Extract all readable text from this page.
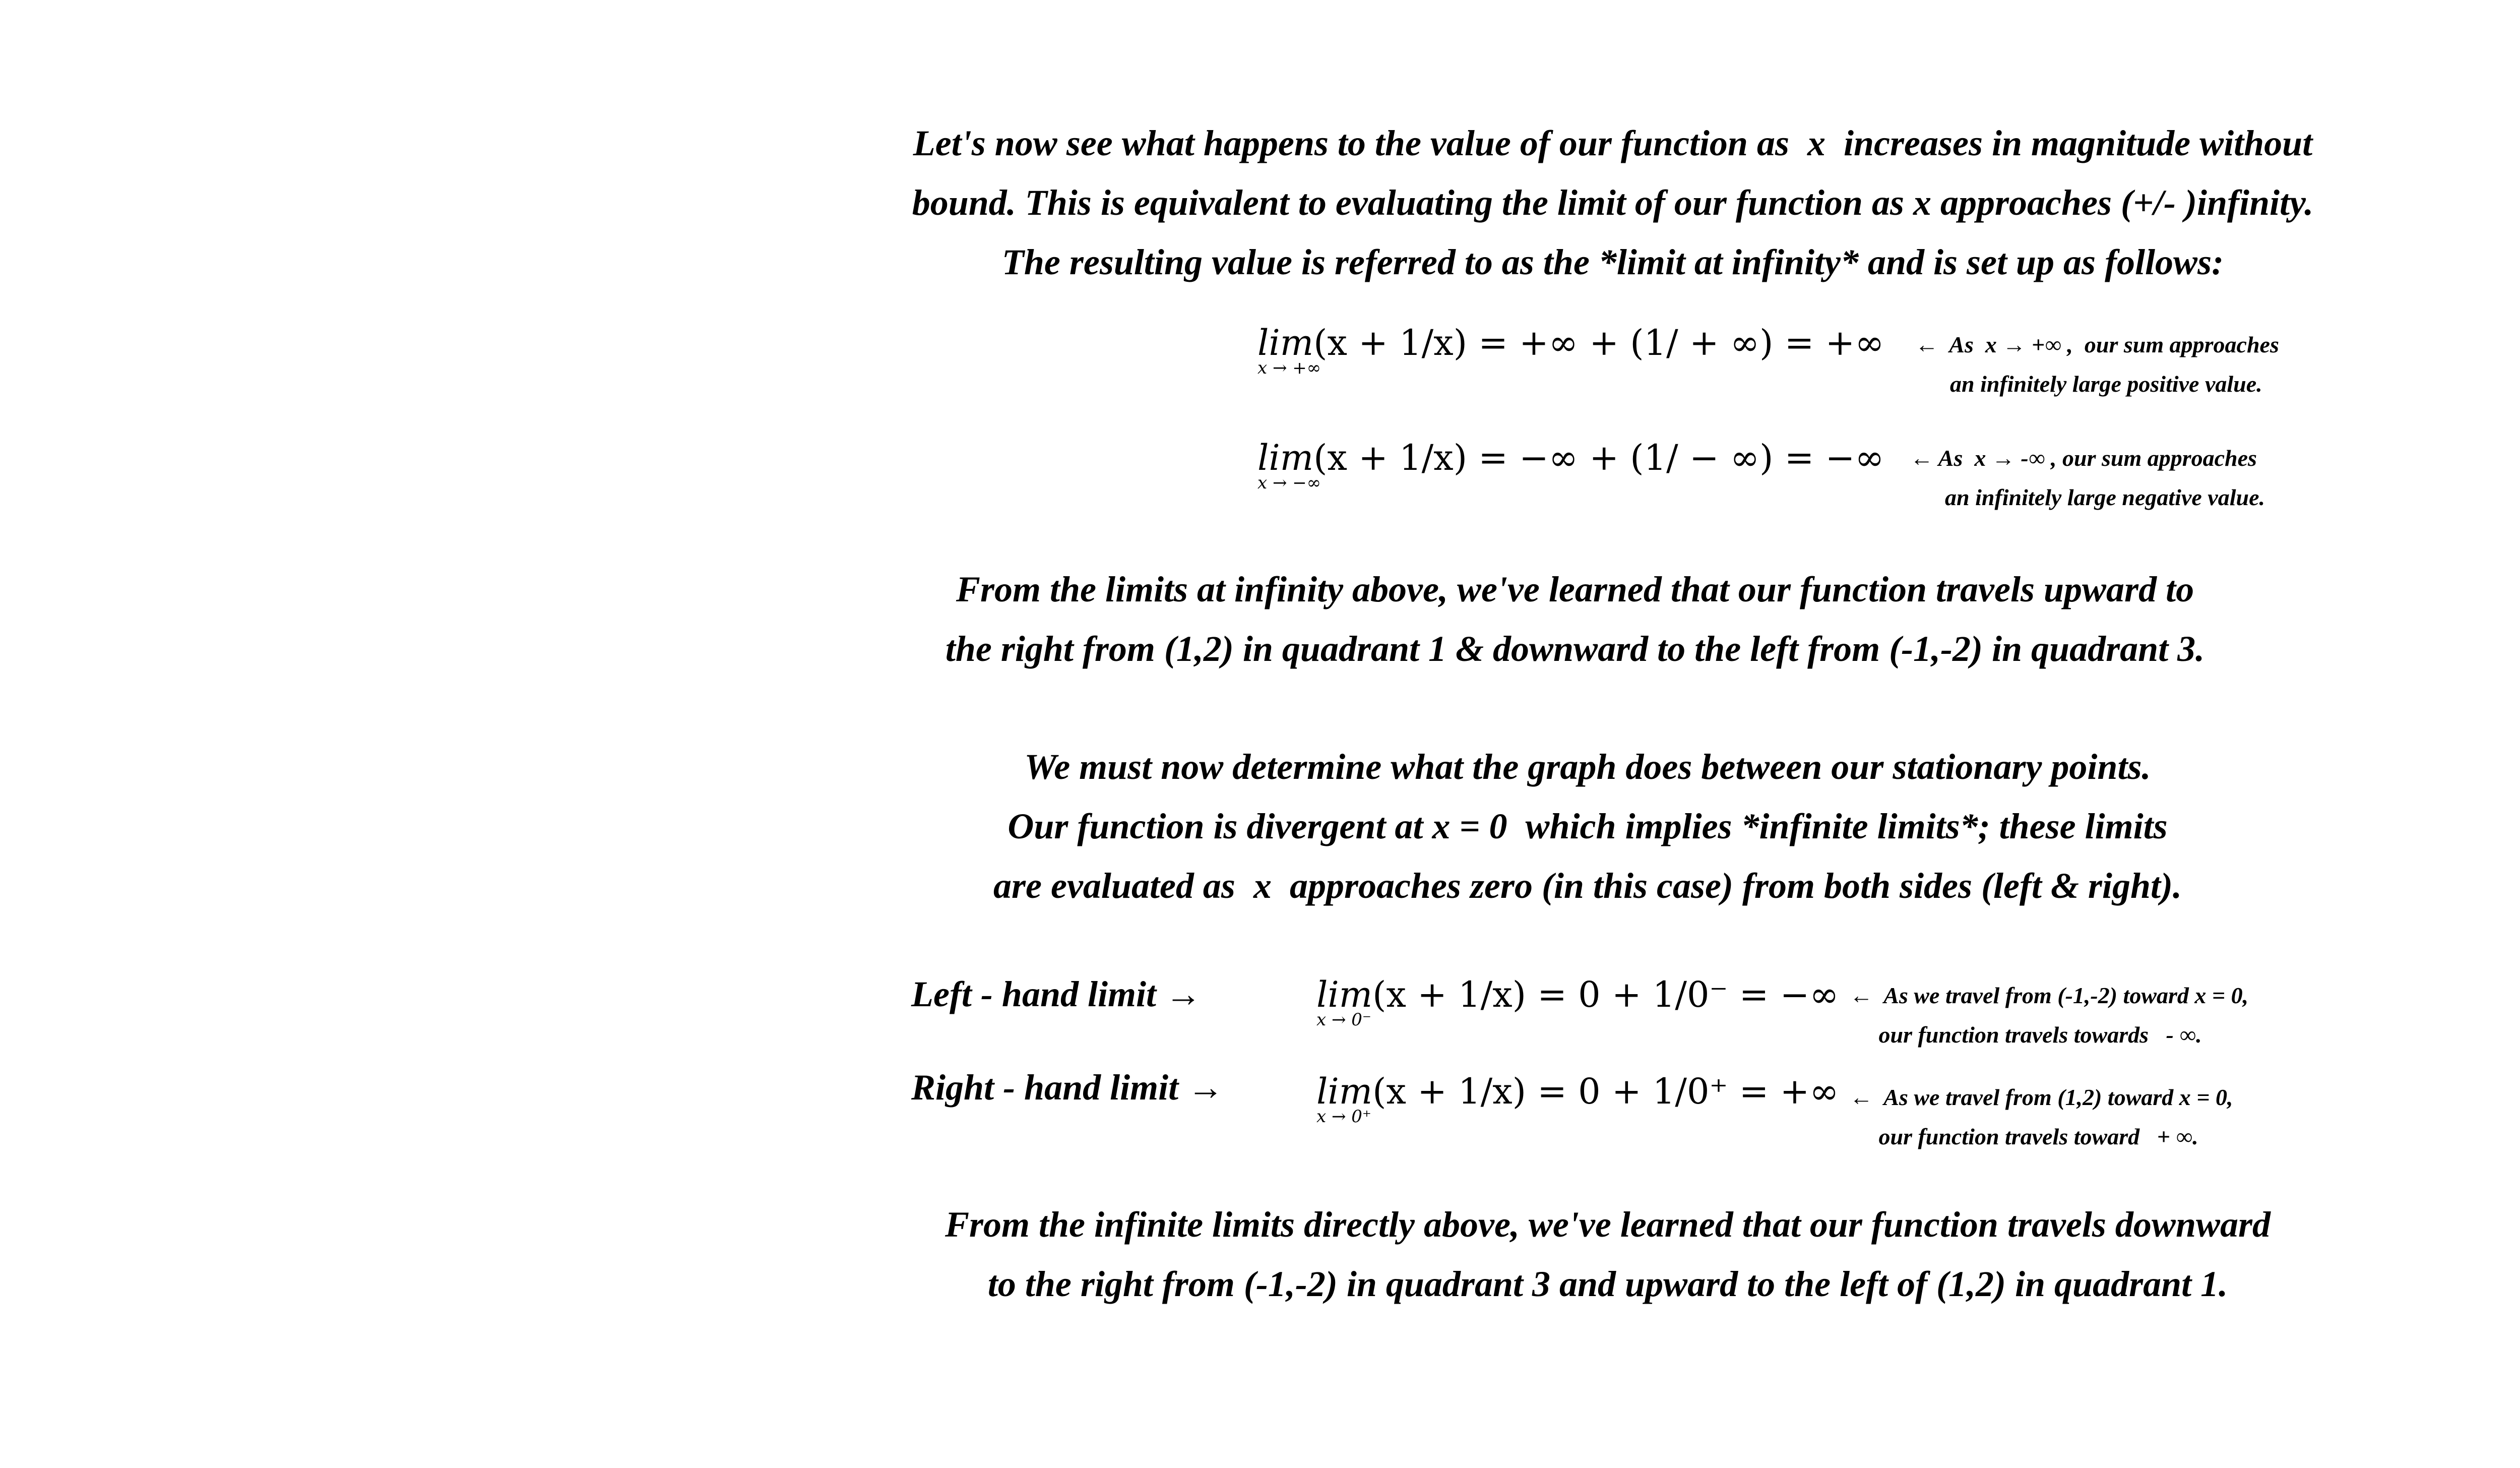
Let's now see what happens to the value of our function as  x  increases in magnitude without
bound. This is equivalent to evaluating the limit of our function as x approaches (+/- )infinity.
The resulting value is referred to as the *limit at infinity* and is set up as follows:
lim(x + 1/x) = +∞ + (1/ + ∞) = +∞
x → +∞
←  As  x → +∞ ,  our sum approaches
an infinitely large positive value.
lim(x + 1/x) = −∞ + (1/ − ∞) = −∞
x → −∞
← As  x → -∞ , our sum approaches
an infinitely large negative value.
From the limits at infinity above, we've learned that our function travels upward to
the right from (1,2) in quadrant 1 & downward to the left from (-1,-2) in quadrant 3.
We must now determine what the graph does between our stationary points.
Our function is divergent at x = 0  which implies *infinite limits*; these limits
are evaluated as  x  approaches zero (in this case) from both sides (left & right).
Left - hand limit →	lim(x + 1/x) = 0 + 1/0⁻ = −∞
x → 0⁻
←  As we travel from (-1,-2) toward x = 0,
our function travels towards   - ∞.
Right - hand limit →	lim(x + 1/x) = 0 + 1/0⁺ = +∞
x → 0⁺
←  As we travel from (1,2) toward x = 0,
our function travels toward   + ∞.
From the infinite limits directly above, we've learned that our function travels downward
to the right from (-1,-2) in quadrant 3 and upward to the left of (1,2) in quadrant 1.
